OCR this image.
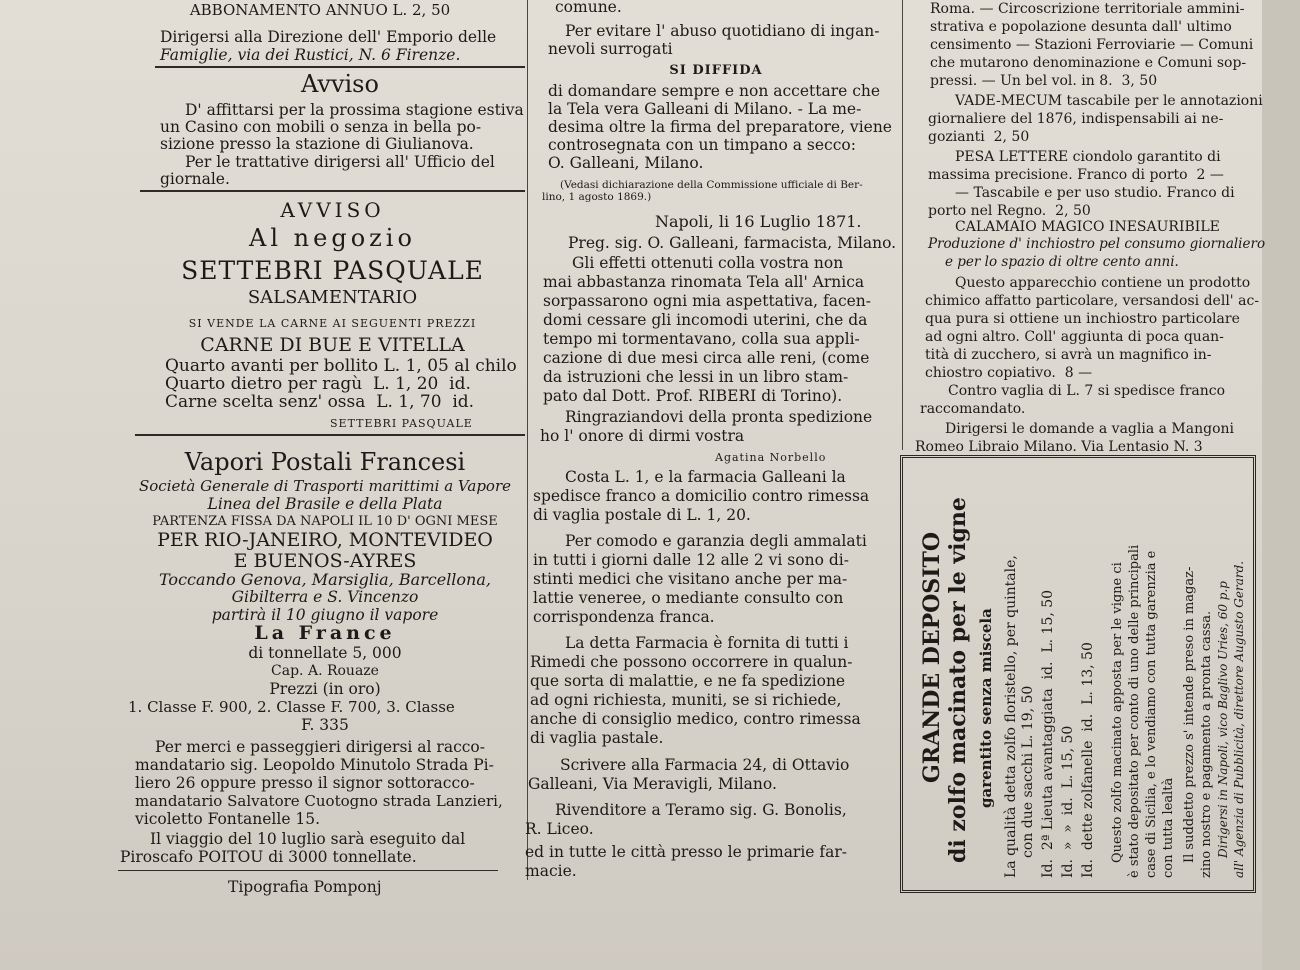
ABBONAMENTO ANNUO L. 2, 50
Dirigersi alla Direzione dell' Emporio delle
Famiglie, via dei Rustici, N. 6 Firenze.
Avviso
D' affittarsi per la prossima stagione estiva
un Casino con mobili o senza in bella po-
sizione presso la stazione di Giulianova.
Per le trattative dirigersi all' Ufficio del
giornale.
AVVISO
Al negozio
SETTEBRI PASQUALE
SALSAMENTARIO
SI VENDE LA CARNE AI SEGUENTI PREZZI
CARNE DI BUE E VITELLA
Quarto avanti per bollito L. 1, 05 al chilo
Quarto dietro per ragù  L. 1, 20  id.
Carne scelta senz' ossa  L. 1, 70  id.
SETTEBRI PASQUALE
Vapori Postali Francesi
Società Generale di Trasporti marittimi a Vapore
Linea del Brasile e della Plata
PARTENZA FISSA DA NAPOLI IL 10 D' OGNI MESE
PER RIO-JANEIRO, MONTEVIDEO
E BUENOS-AYRES
Toccando Genova, Marsiglia, Barcellona,
Gibilterra e S. Vincenzo
partirà il 10 giugno il vapore
La France
di tonnellate 5, 000
Cap. A. Rouaze
Prezzi (in oro)
1. Classe F. 900, 2. Classe F. 700, 3. Classe
F. 335
Per merci e passeggieri dirigersi al racco-
mandatario sig. Leopoldo Minutolo Strada Pi-
liero 26 oppure presso il signor sottoracco-
mandatario Salvatore Cuotogno strada Lanzieri,
vicoletto Fontanelle 15.
Il viaggio del 10 luglio sarà eseguito dal
Piroscafo POITOU di 3000 tonnellate.
Tipografia Pomponj
comune.
Per evitare l' abuso quotidiano di ingan-
nevoli surrogati
SI DIFFIDA
di domandare sempre e non accettare che
la Tela vera Galleani di Milano. - La me-
desima oltre la firma del preparatore, viene
controsegnata con un timpano a secco:
O. Galleani, Milano.
(Vedasi dichiarazione della Commissione ufficiale di Ber-
lino, 1 agosto 1869.)
Napoli, li 16 Luglio 1871.
Preg. sig. O. Galleani, farmacista, Milano.
Gli effetti ottenuti colla vostra non
mai abbastanza rinomata Tela all' Arnica
sorpassarono ogni mia aspettativa, facen-
domi cessare gli incomodi uterini, che da
tempo mi tormentavano, colla sua appli-
cazione di due mesi circa alle reni, (come
da istruzioni che lessi in un libro stam-
pato dal Dott. Prof. RIBERI di Torino).
Ringraziandovi della pronta spedizione
ho l' onore di dirmi vostra
Agatina Norbello
Costa L. 1, e la farmacia Galleani la
spedisce franco a domicilio contro rimessa
di vaglia postale di L. 1, 20.
Per comodo e garanzia degli ammalati
in tutti i giorni dalle 12 alle 2 vi sono di-
stinti medici che visitano anche per ma-
lattie veneree, o mediante consulto con
corrispondenza franca.
La detta Farmacia è fornita di tutti i
Rimedi che possono occorrere in qualun-
que sorta di malattie, e ne fa spedizione
ad ogni richiesta, muniti, se si richiede,
anche di consiglio medico, contro rimessa
di vaglia pastale.
Scrivere alla Farmacia 24, di Ottavio
Galleani, Via Meravigli, Milano.
Rivenditore a Teramo sig. G. Bonolis,
R. Liceo.
ed in tutte le città presso le primarie far-
macie.
Roma. — Circoscrizione territoriale ammini-
strativa e popolazione desunta dall' ultimo
censimento — Stazioni Ferroviarie — Comuni
che mutarono denominazione e Comuni sop-
pressi. — Un bel vol. in 8.  3, 50
VADE-MECUM tascabile per le annotazioni
giornaliere del 1876, indispensabili ai ne-
gozianti  2, 50
PESA LETTERE ciondolo garantito di
massima precisione. Franco di porto  2 —
— Tascabile e per uso studio. Franco di
porto nel Regno.  2, 50
CALAMAIO MAGICO INESAURIBILE
Produzione d' inchiostro pel consumo giornaliero
e per lo spazio di oltre cento anni.
Questo apparecchio contiene un prodotto
chimico affatto particolare, versandosi dell' ac-
qua pura si ottiene un inchiostro particolare
ad ogni altro. Coll' aggiunta di poca quan-
tità di zucchero, si avrà un magnifico in-
chiostro copiativo.  8 —
Contro vaglia di L. 7 si spedisce franco
raccomandato.
Dirigersi le domande a vaglia a Mangoni
Romeo Libraio Milano. Via Lentasio N. 3
GRANDE DEPOSITO di zolfo macinato per le vigne garentito senza miscela La qualità detta zolfo floristello, per quintale, con due sacchi L. 19, 50 Id.  2ª Lieuta avantaggiata  id.  L. 15, 50 Id.  »  »  id.  L. 15, 50 Id.  dette zolfanelle  id.  L. 13, 50 Questo zolfo macinato apposta per le vigne ci è stato depositato per conto di uno delle principali case di Sicilia, e lo vendiamo con tutta garenzia e con tutta lealtà Il suddetto prezzo s' intende preso in magaz- zino nostro e pagamento a pronta cassa. Dirigersi in Napoli, vico Baglivo Uries, 60 p.p all' Agenzia di Pubblicità, direttore Augusto Gerard.
